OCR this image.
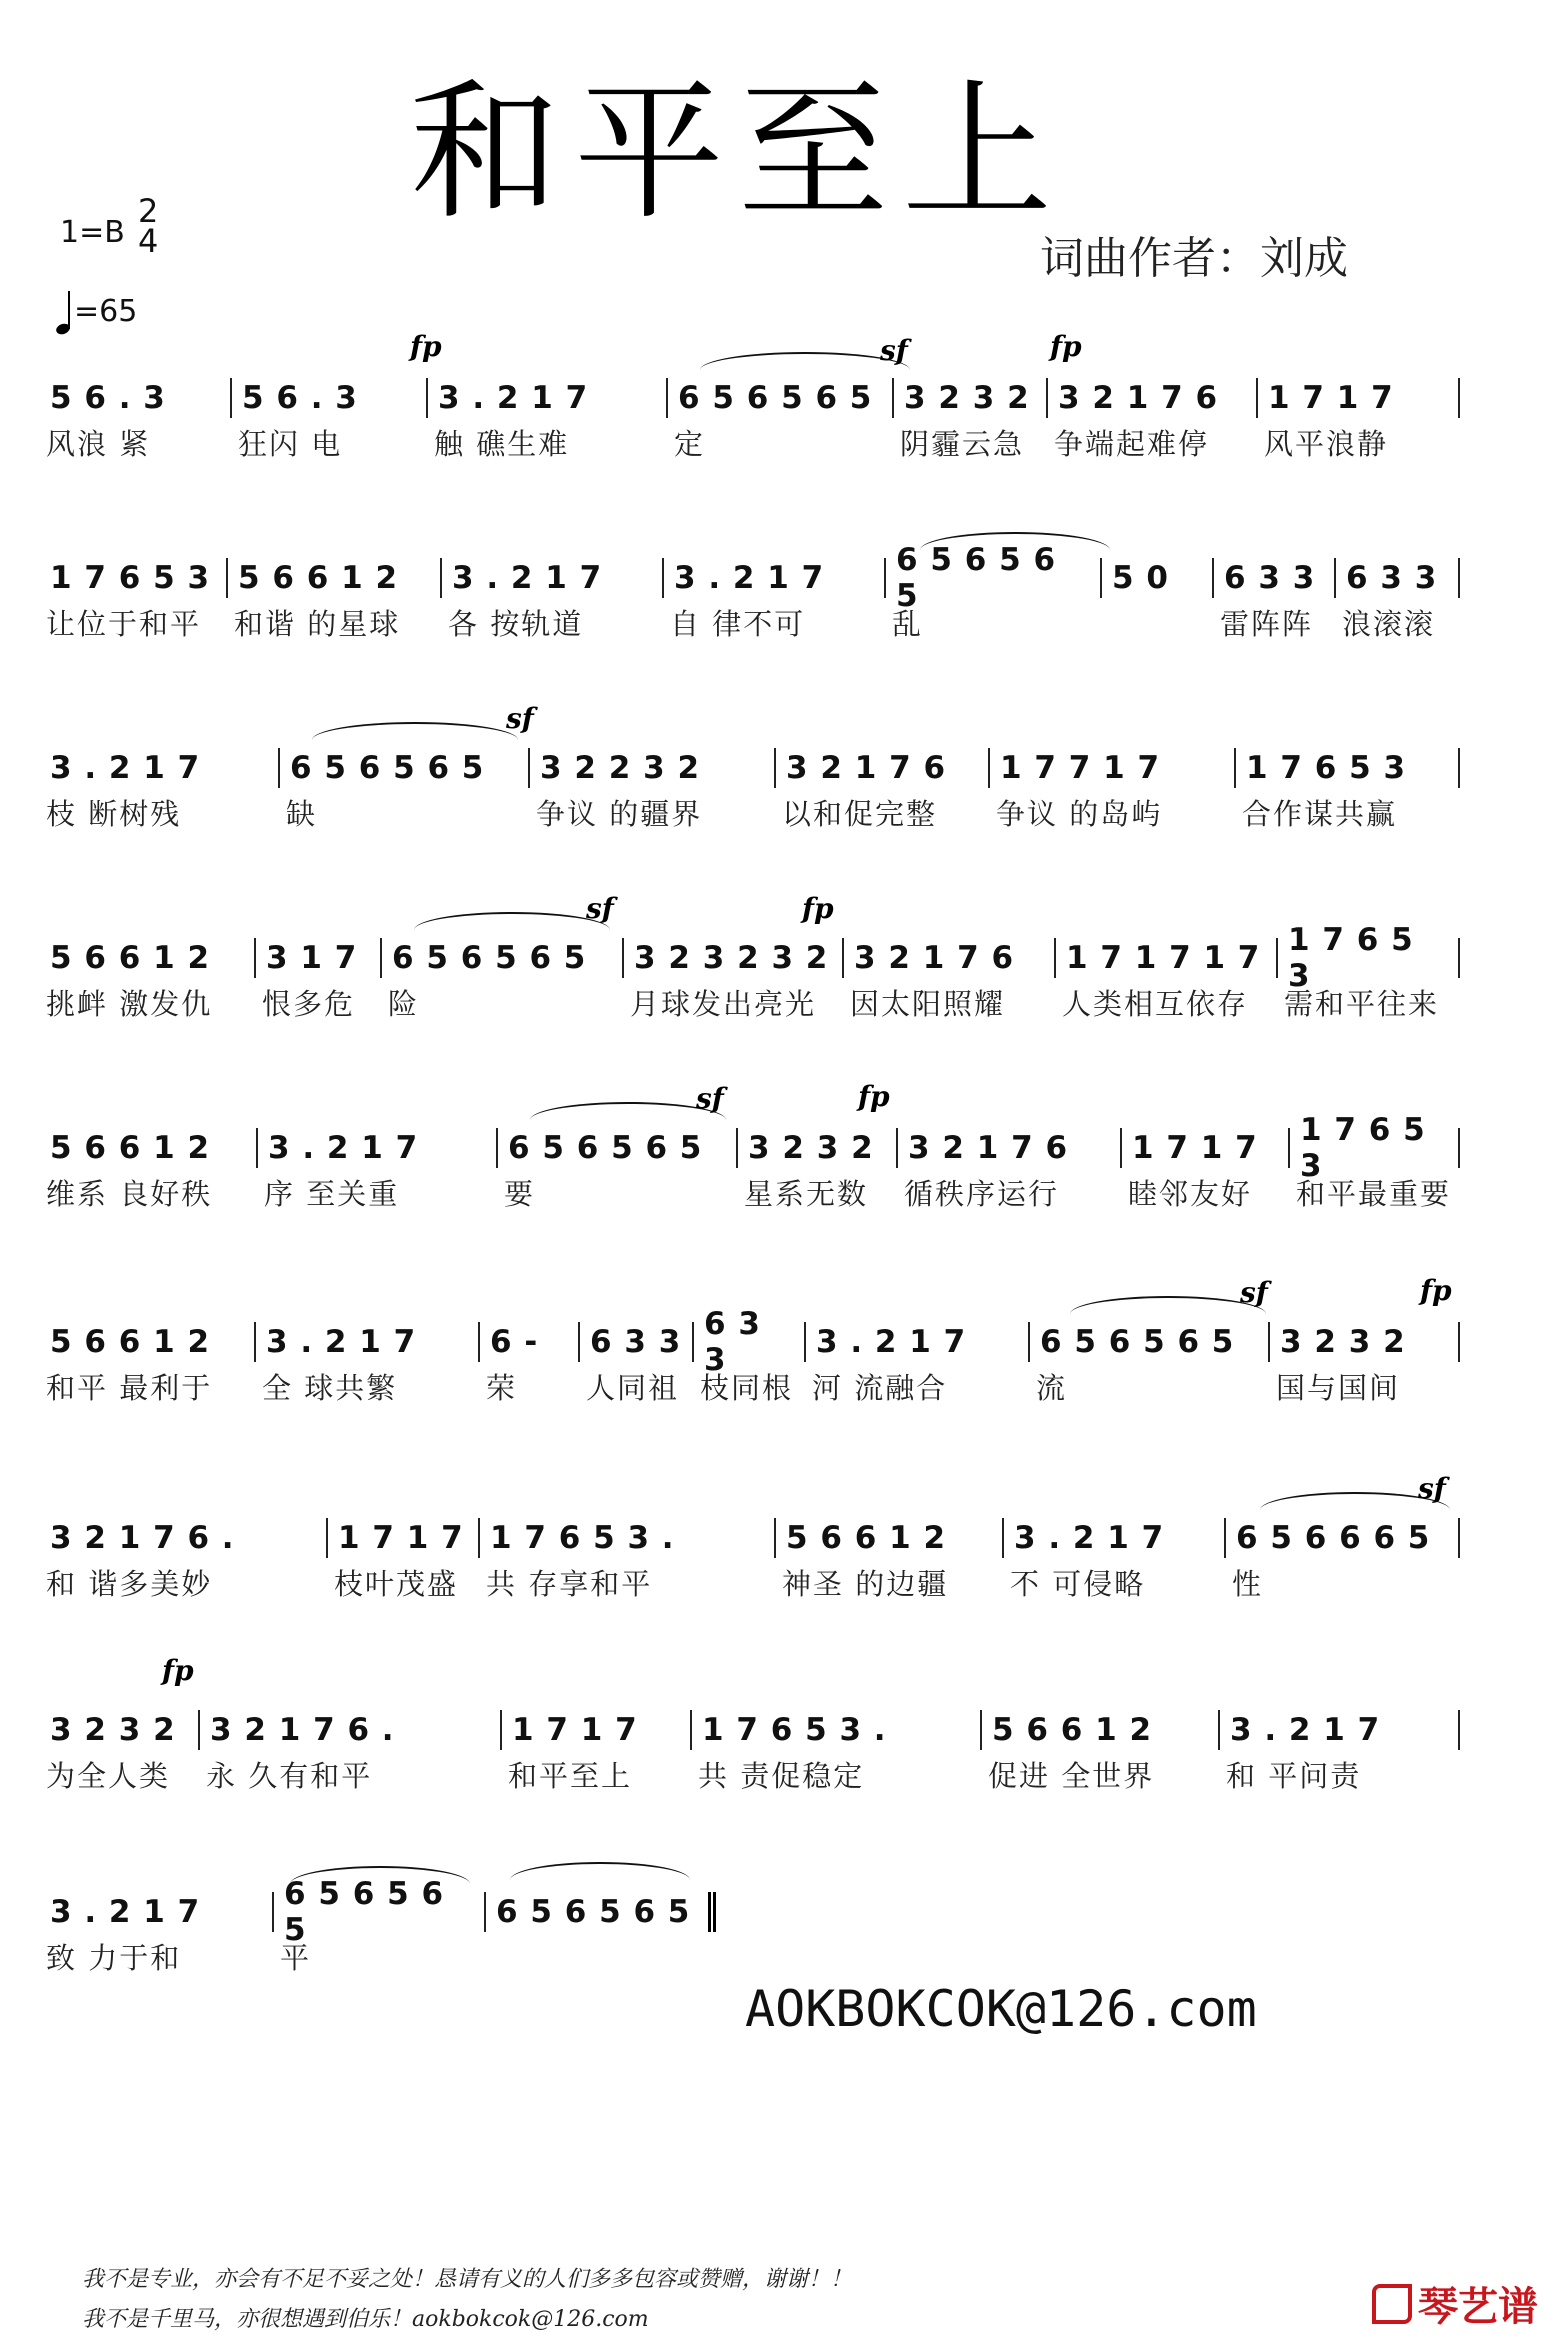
和平至上
1=B
2
4
=65
词曲作者：刘成
5 6 . 3	5 6 . 3	3 . 2 1 7	6 5 6 5 6 5	3 2 3 2 3 2 1 7 6	1 7 1 7
风浪 紧	狂闪 电	触 礁生难	定	阴霾云急	争端起难停	风平浪静
fp	sf	fp
1 7 6 5 3 5 6 6 1 2	3 . 2 1 7	3 . 2 1 7	6 5 6 5 6 5	5 0	6 3 3 6 3 3
让位于和平	和谐 的星球	各 按轨道	自 律不可	乱	雷阵阵 浪滚滚
3 . 2 1 7	6 5 6 5 6 5	3 2 2 3 2	3 2 1 7 6	1 7 7 1 7	1 7 6 5 3
枝 断树残	缺	争议 的疆界	以和促完整	争议 的岛屿	合作谋共赢
sf
5 6 6 1 2	3 1 7	6 5 6 5 6 5	3 2 3 2 3 2 3 2 1 7 6	1 7 1 7 1 7 1 7 6 5 3
挑衅 激发仇	恨多危	险	月球发出亮光	因太阳照耀	人类相互依存	需和平往来
sf	fp
5 6 6 1 2	3 . 2 1 7	6 5 6 5 6 5	3 2 3 2	3 2 1 7 6	1 7 1 7	1 7 6 5 3
维系 良好秩	序 至关重	要	星系无数	循秩序运行	睦邻友好	和平最重要
sf	fp
5 6 6 1 2	3 . 2 1 7	6 -	6 3 3 6 3 3	3 . 2 1 7	6 5 6 5 6 5	3 2 3 2
和平 最利于	全 球共繁	荣	人同祖 枝同根 河 流融合	流	国与国间
sf	fp
3 2 1 7 6 .	1 7 1 7 1 7 6 5 3 .	5 6 6 1 2	3 . 2 1 7	6 5 6 6 6 5
和 谐多美妙	枝叶茂盛 共 存享和平	神圣 的边疆	不 可侵略	性
sf
3 2 3 2	3 2 1 7 6 .	1 7 1 7	1 7 6 5 3 .	5 6 6 1 2	3 . 2 1 7
为全人类	永 久有和平	和平至上	共 责促稳定	促进 全世界	和 平问责
fp
3 . 2 1 7	6 5 6 5 6 5	6 5 6 5 6 5
致 力于和	平
AOKBOKCOK@126.com
我不是专业，亦会有不足不妥之处！恳请有义的人们多多包容或赞赠，谢谢！！
我不是千里马，亦很想遇到伯乐！aokbokcok@126.com	琴艺谱
